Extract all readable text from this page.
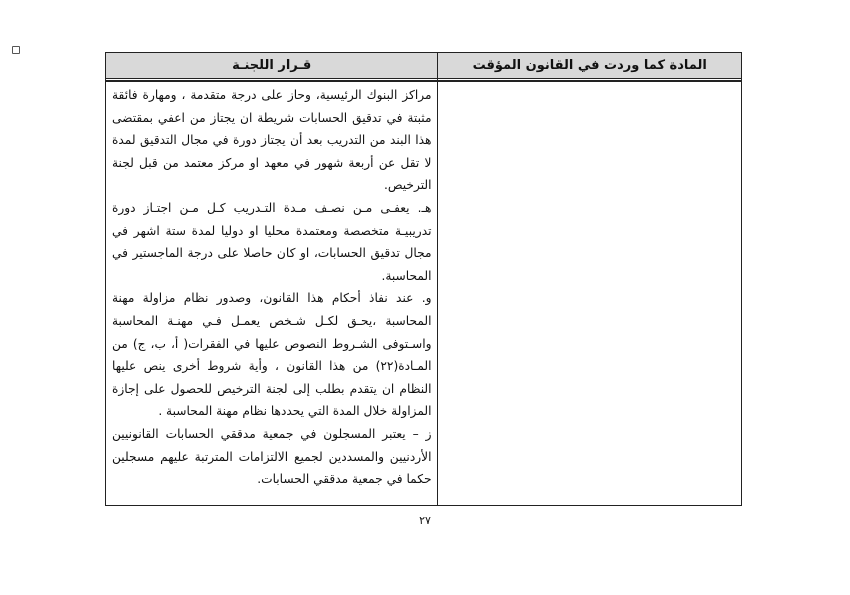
المادة كما وردت في القانون المؤقت	قـرار اللجنـة

	مراكز البنوك الرئيسية، وحاز على درجة متقدمة ، ومهارة فائقة مثبتة في تدقيق الحسابات شريطة ان يجتاز من اعفي بمقتضى هذا البند من التدريب بعد أن يجتاز دورة في مجال التدقيق لمدة لا تقل عن أربعة شهور في معهد او مركز معتمد من قبل لجنة الترخيص.

هـ. يعفـى مـن نصـف مـدة التـدريب كـل مـن اجتـاز دورة تدريبيـة متخصصة ومعتمدة محليا او دوليا لمدة ستة اشهر في مجال تدقيق الحسابات، او كان حاصلا على درجة الماجستير في المحاسبة.

و. عند نفاذ أحكام هذا القانون، وصدور نظام مزاولة مهنة المحاسبة ،يحـق لكـل شـخص يعمـل فـي مهنـة المحاسبة واسـتوفى الشـروط النصوص عليها في الفقرات( أ، ب، ج) من المـادة(٢٢) من هذا القانون ، وأية شروط أخرى ينص عليها النظام ان يتقدم بطلب إلى لجنة الترخيص للحصول على إجازة المزاولة خلال المدة التي يحددها نظام مهنة المحاسبة .

ز – يعتبر المسجلون في جمعية مدققي الحسابات القانونيين الأردنيين والمسددين لجميع الالتزامات المترتبة عليهم مسجلين حكما في جمعية مدققي الحسابات.

٢٧
